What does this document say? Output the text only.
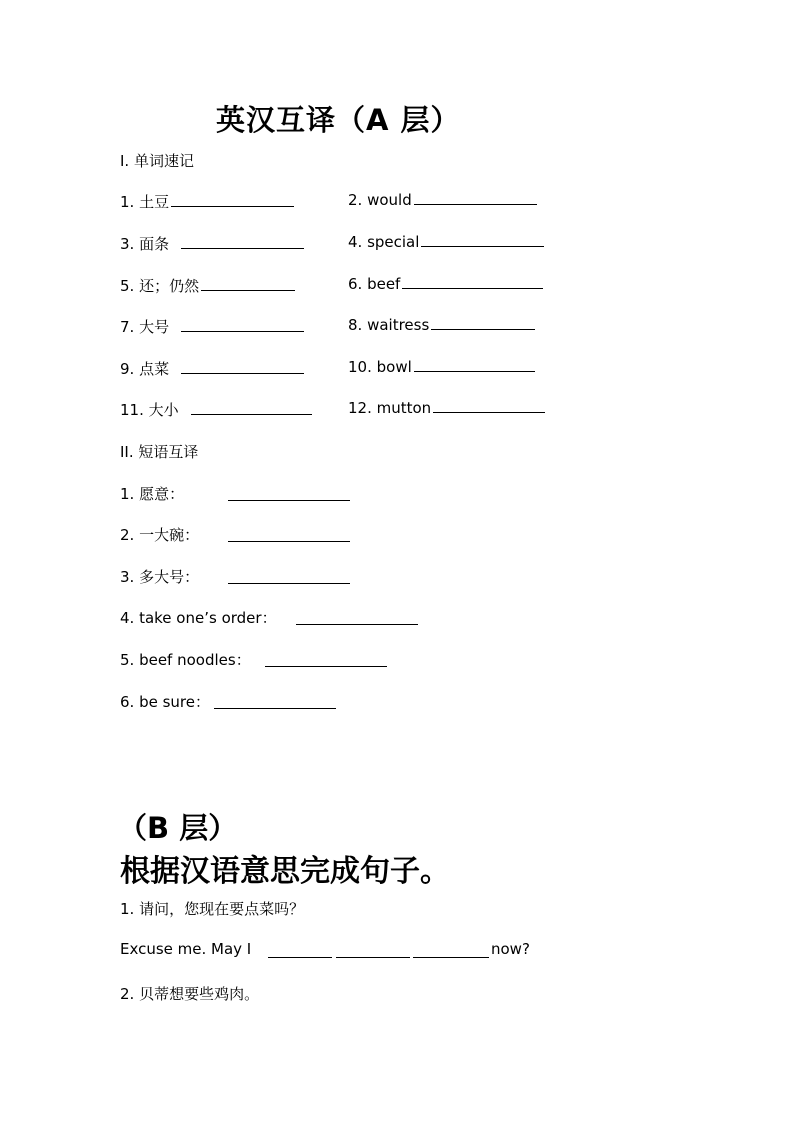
英汉互译（A 层）
I. 单词速记
1. 土豆
3. 面条
5. 还；仍然
7. 大号
9. 点菜
11. 大小
2. would
4. special
6. beef
8. waitress
10. bowl
12. mutton
II. 短语互译
1. 愿意：
2. 一大碗：
3. 多大号：
4. take one’s order：
5. beef noodles：
6. be sure：
（B 层）
根据汉语意思完成句子。
1. 请问，您现在要点菜吗？
Excuse me. May I	now?
2. 贝蒂想要些鸡肉。
